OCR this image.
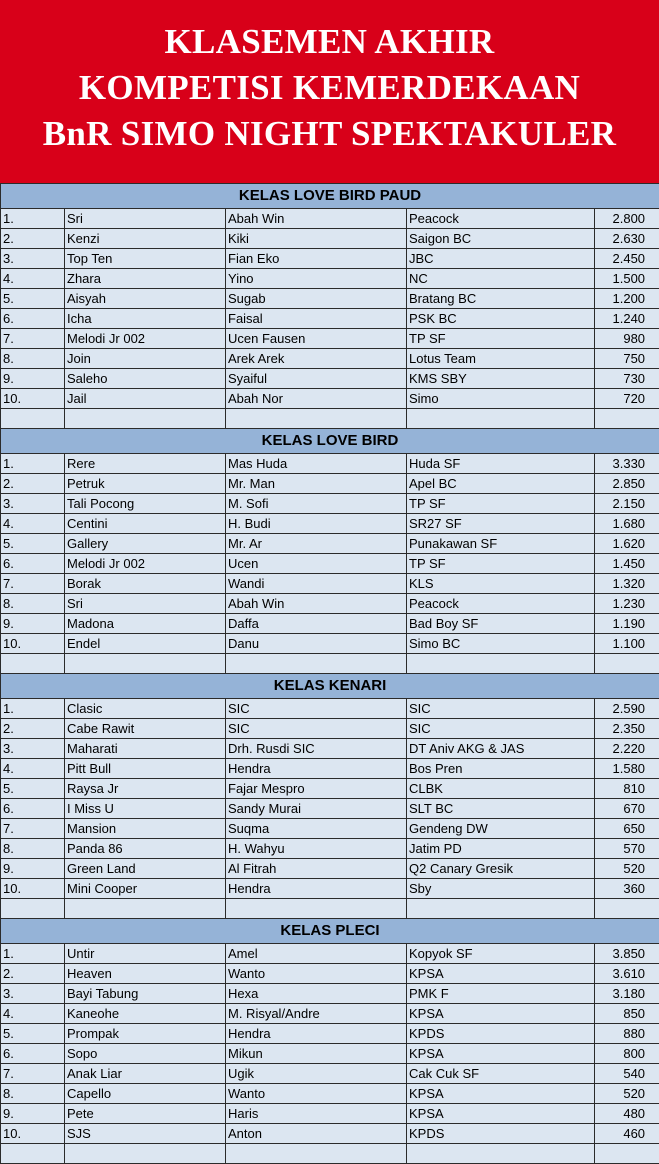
KLASEMEN AKHIR
KOMPETISI KEMERDEKAAN
BnR SIMO NIGHT SPEKTAKULER
KELAS LOVE BIRD PAUD				
1.	Sri	Abah Win	Peacock	2.800
2.	Kenzi	Kiki	Saigon BC	2.630
3.	Top Ten	Fian Eko	JBC	2.450
4.	Zhara	Yino	NC	1.500
5.	Aisyah	Sugab	Bratang BC	1.200
6.	Icha	Faisal	PSK BC	1.240
7.	Melodi Jr 002	Ucen Fausen	TP SF	980
8.	Join	Arek Arek	Lotus Team	750
9.	Saleho	Syaiful	KMS SBY	730
10.	Jail	Abah Nor	Simo	720

KELAS LOVE BIRD				
1.	Rere	Mas Huda	Huda SF	3.330
2.	Petruk	Mr. Man	Apel BC	2.850
3.	Tali Pocong	M. Sofi	TP SF	2.150
4.	Centini	H. Budi	SR27 SF	1.680
5.	Gallery	Mr. Ar	Punakawan SF	1.620
6.	Melodi Jr 002	Ucen	TP SF	1.450
7.	Borak	Wandi	KLS	1.320
8.	Sri	Abah Win	Peacock	1.230
9.	Madona	Daffa	Bad Boy SF	1.190
10.	Endel	Danu	Simo BC	1.100

KELAS KENARI				
1.	Clasic	SIC	SIC	2.590
2.	Cabe Rawit	SIC	SIC	2.350
3.	Maharati	Drh. Rusdi SIC	DT Aniv AKG & JAS	2.220
4.	Pitt Bull	Hendra	Bos Pren	1.580
5.	Raysa Jr	Fajar Mespro	CLBK	810
6.	I Miss U	Sandy Murai	SLT BC	670
7.	Mansion	Suqma	Gendeng DW	650
8.	Panda 86	H. Wahyu	Jatim PD	570
9.	Green Land	Al Fitrah	Q2 Canary Gresik	520
10.	Mini Cooper	Hendra	Sby	360

KELAS PLECI				
1.	Untir	Amel	Kopyok SF	3.850
2.	Heaven	Wanto	KPSA	3.610
3.	Bayi Tabung	Hexa	PMK F	3.180
4.	Kaneohe	M. Risyal/Andre	KPSA	850
5.	Prompak	Hendra	KPDS	880
6.	Sopo	Mikun	KPSA	800
7.	Anak Liar	Ugik	Cak Cuk SF	540
8.	Capello	Wanto	KPSA	520
9.	Pete	Haris	KPSA	480
10.	SJS	Anton	KPDS	460
